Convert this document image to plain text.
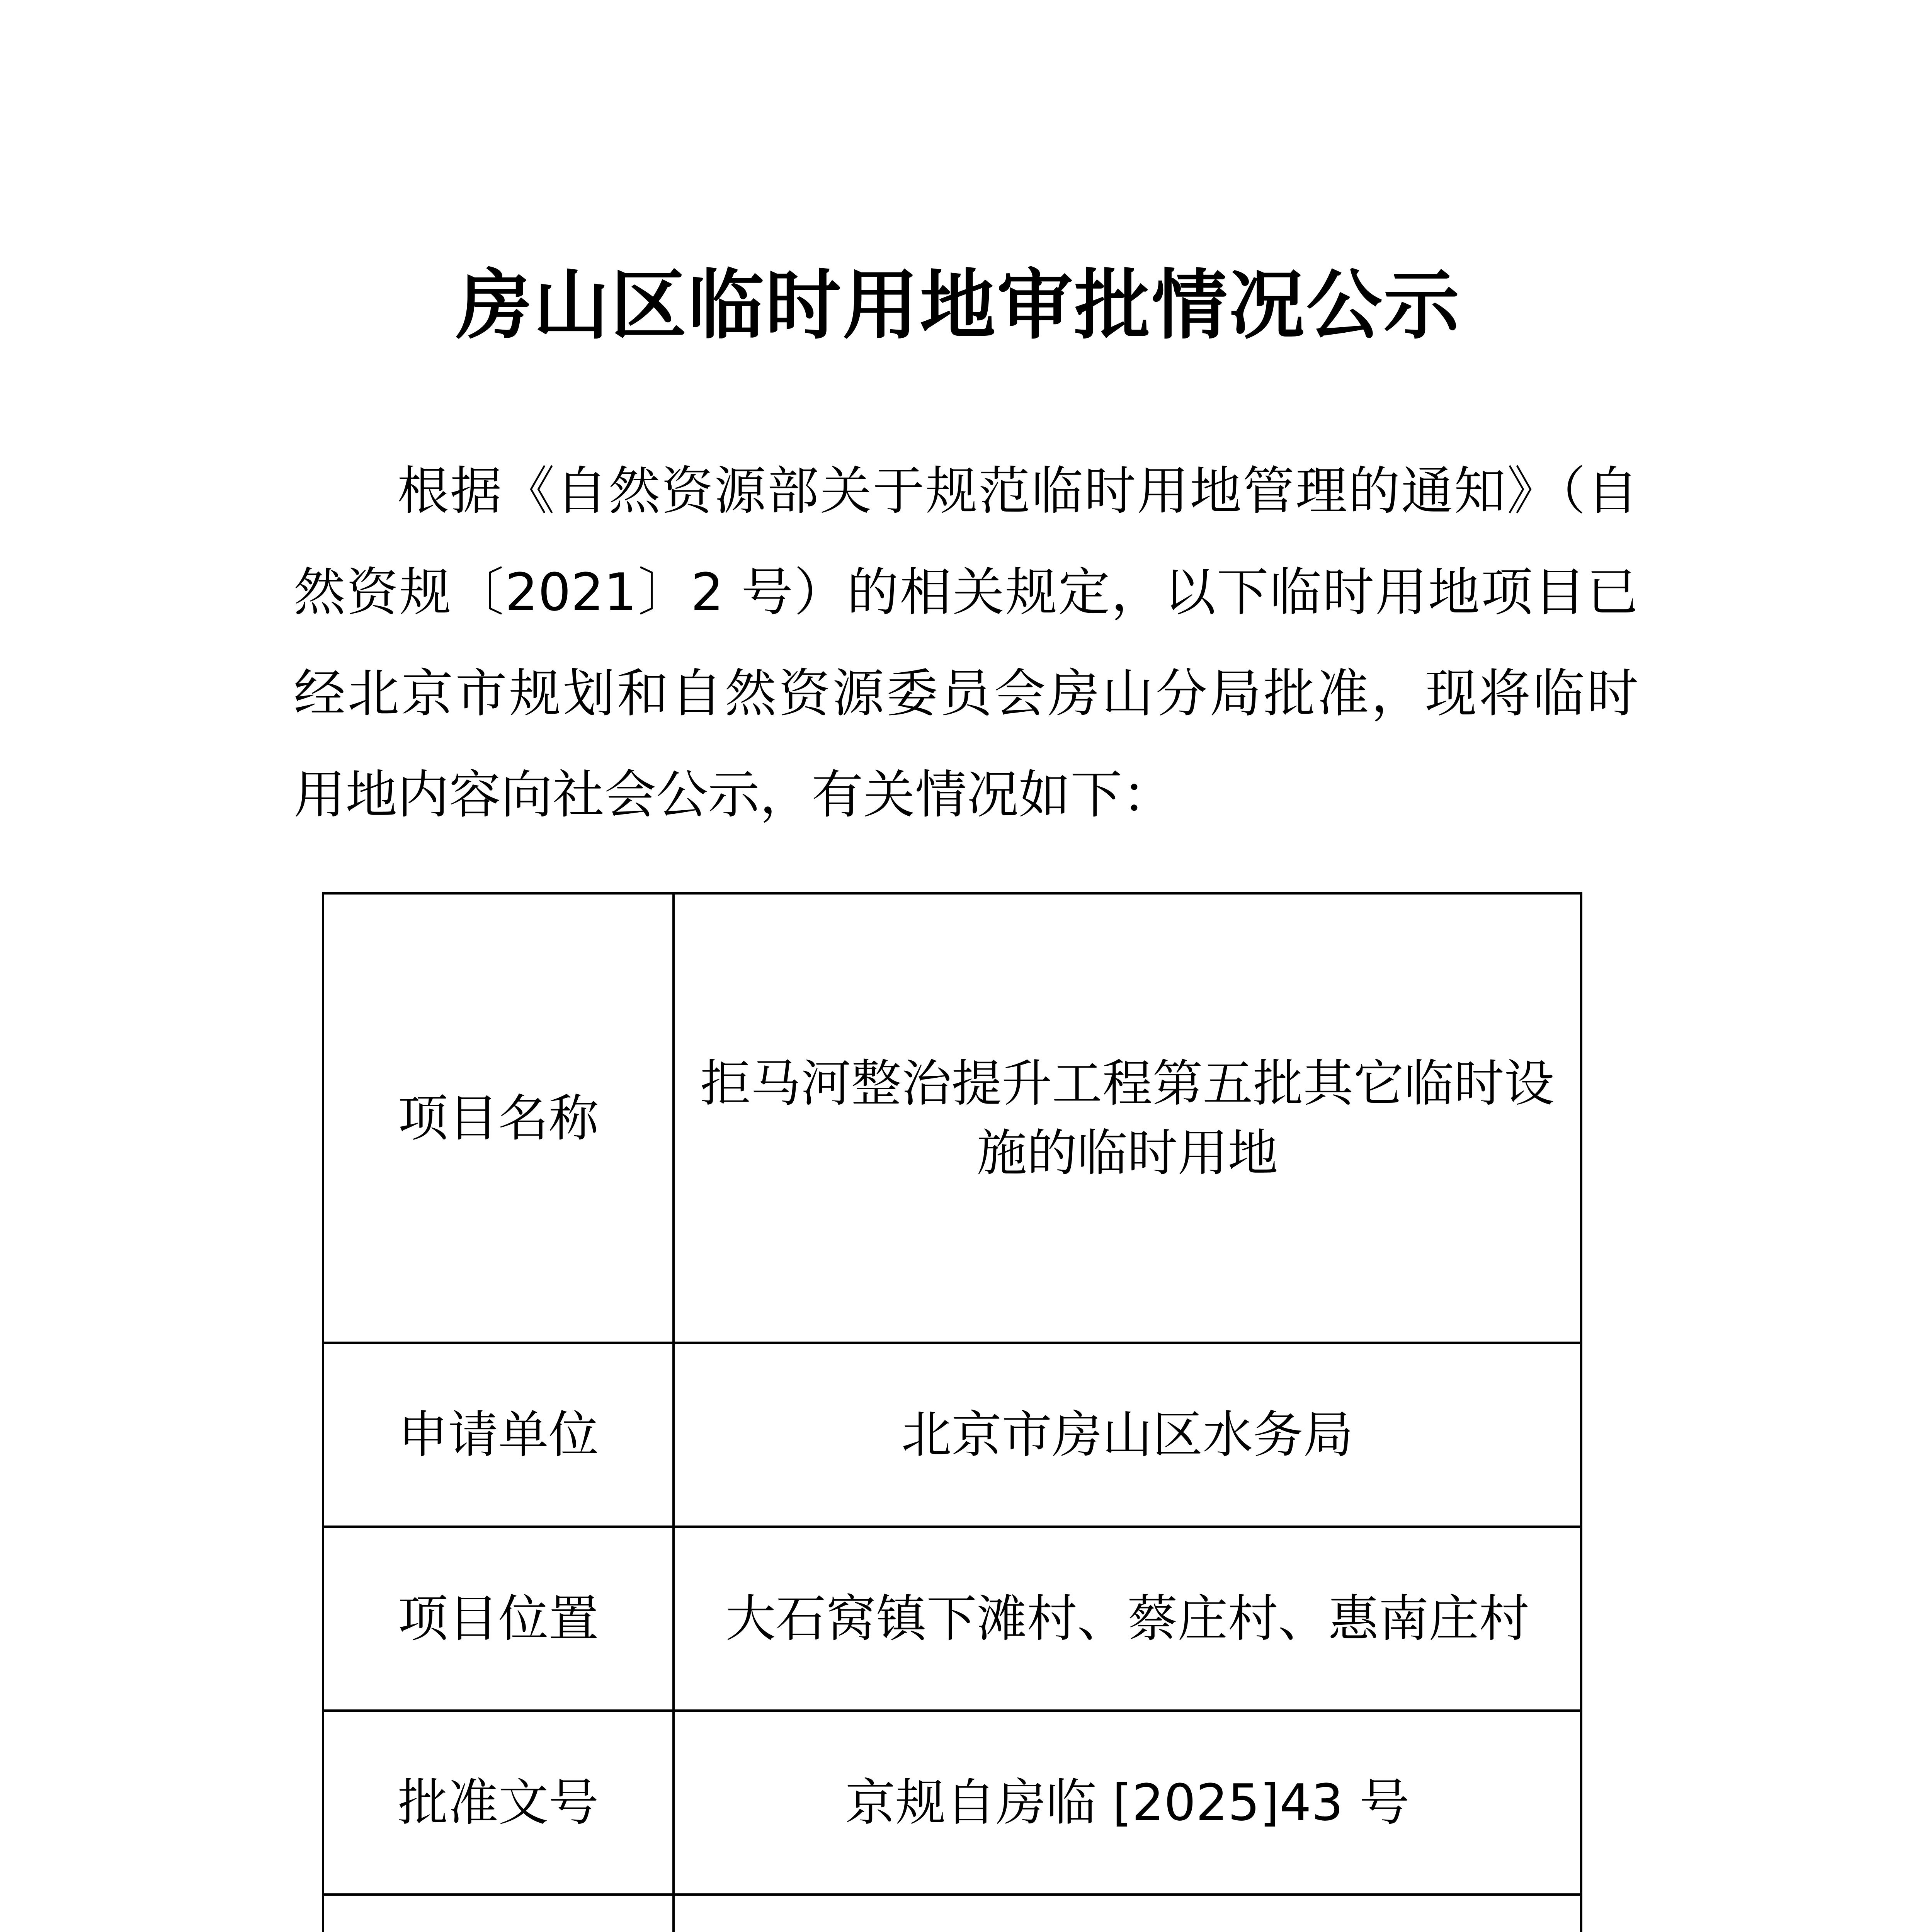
房山区临时用地审批情况公示
根据《自然资源部关于规范临时用地管理的通知》（自然资规〔2021〕2 号）的相关规定，以下临时用地项目已经北京市规划和自然资源委员会房山分局批准，现将临时用地内容向社会公示，有关情况如下：
项目名称	拒马河整治提升工程第五批其它临时设施的临时用地
申请单位	北京市房山区水务局
项目位置	大石窝镇下滩村、蔡庄村、惠南庄村
批准文号	京规自房临 [2025]43 号
